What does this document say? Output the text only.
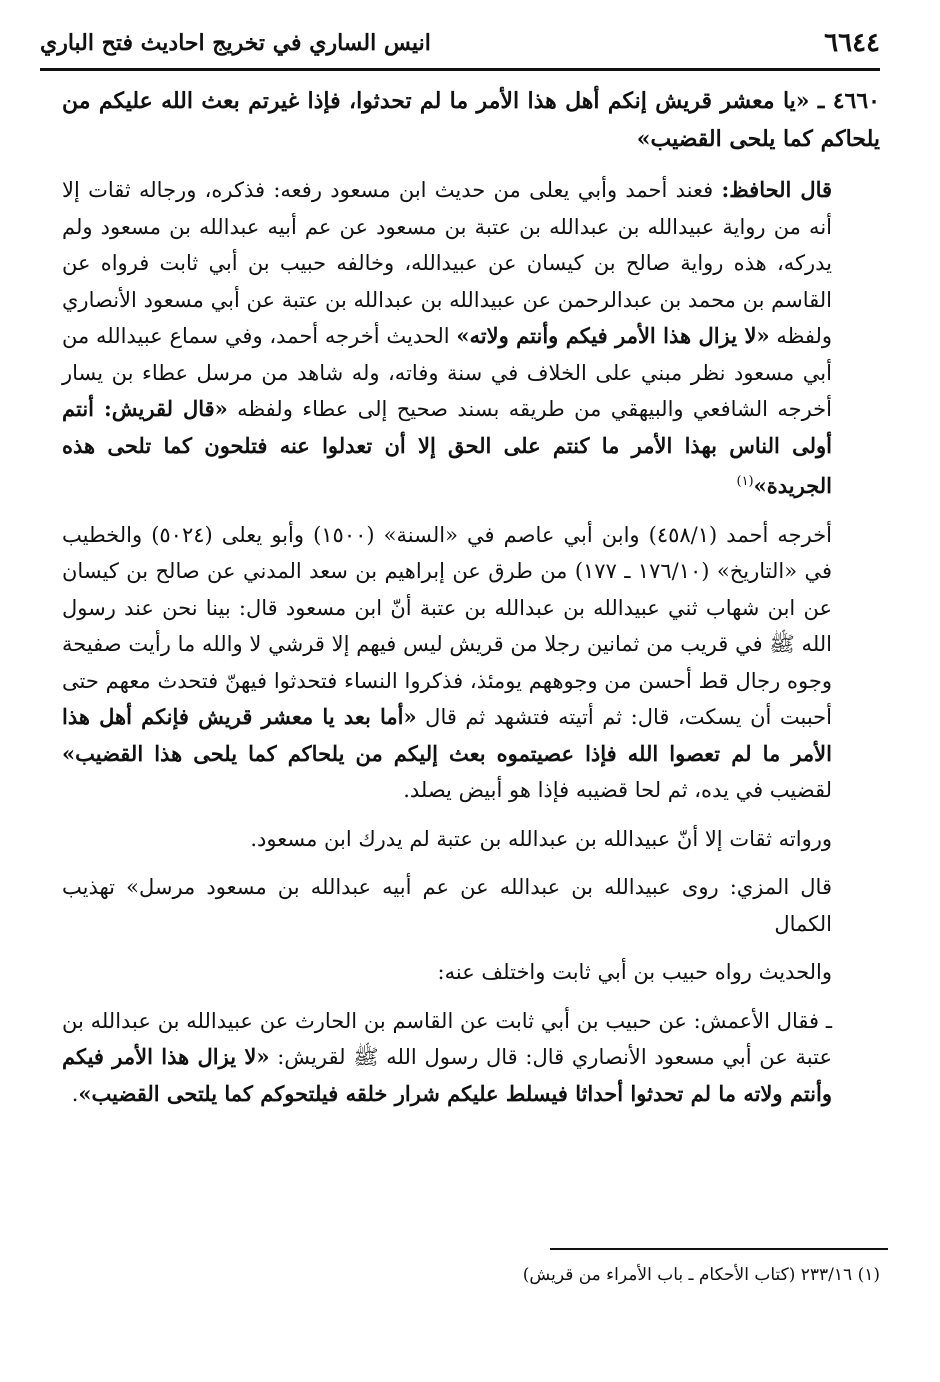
انيس الساري في تخريج احاديث فتح الباري	٦٦٤٤

٤٦٦٠ ـ «يا معشر قريش إنكم أهل هذا الأمر ما لم تحدثوا، فإذا غيرتم بعث الله عليكم من يلحاكم كما يلحى القضيب»

قال الحافظ: فعند أحمد وأبي يعلى من حديث ابن مسعود رفعه: فذكره، ورجاله ثقات إلا أنه من رواية عبيدالله بن عبدالله بن عتبة بن مسعود عن عم أبيه عبدالله بن مسعود ولم يدركه، هذه رواية صالح بن كيسان عن عبيدالله، وخالفه حبيب بن أبي ثابت فرواه عن القاسم بن محمد بن عبدالرحمن عن عبيدالله بن عبدالله بن عتبة عن أبي مسعود الأنصاري ولفظه «لا يزال هذا الأمر فيكم وأنتم ولاته» الحديث أخرجه أحمد، وفي سماع عبيدالله من أبي مسعود نظر مبني على الخلاف في سنة وفاته، وله شاهد من مرسل عطاء بن يسار أخرجه الشافعي والبيهقي من طريقه بسند صحيح إلى عطاء ولفظه «قال لقريش: أنتم أولى الناس بهذا الأمر ما كنتم على الحق إلا أن تعدلوا عنه فتلحون كما تلحى هذه الجريدة»$^{(١)}$

أخرجه أحمد (٤٥٨/١) وابن أبي عاصم في «السنة» (١٥٠٠) وأبو يعلى (٥٠٢٤) والخطيب في «التاريخ» (١٧٦/١٠ ـ ١٧٧) من طرق عن إبراهيم بن سعد المدني عن صالح بن كيسان عن ابن شهاب ثني عبيدالله بن عبدالله بن عتبة أنّ ابن مسعود قال: بينا نحن عند رسول الله ﷺ في قريب من ثمانين رجلا من قريش ليس فيهم إلا قرشي لا والله ما رأيت صفيحة وجوه رجال قط أحسن من وجوههم يومئذ، فذكروا النساء فتحدثوا فيهنّ فتحدث معهم حتى أحببت أن يسكت، قال: ثم أتيته فتشهد ثم قال «أما بعد يا معشر قريش فإنكم أهل هذا الأمر ما لم تعصوا الله فإذا عصيتموه بعث إليكم من يلحاكم كما يلحى هذا القضيب» لقضيب في يده، ثم لحا قضيبه فإذا هو أبيض يصلد.

ورواته ثقات إلا أنّ عبيدالله بن عبدالله بن عتبة لم يدرك ابن مسعود.

قال المزي: روى عبيدالله بن عبدالله عن عم أبيه عبدالله بن مسعود مرسل» تهذيب الكمال

والحديث رواه حبيب بن أبي ثابت واختلف عنه:

ـ فقال الأعمش: عن حبيب بن أبي ثابت عن القاسم بن الحارث عن عبيدالله بن عبدالله بن عتبة عن أبي مسعود الأنصاري قال: قال رسول الله ﷺ لقريش: «لا يزال هذا الأمر فيكم وأنتم ولاته ما لم تحدثوا أحداثا فيسلط عليكم شرار خلقه فيلتحوكم كما يلتحى القضيب».

(١) ٢٣٣/١٦ (كتاب الأحكام ـ باب الأمراء من قريش)
